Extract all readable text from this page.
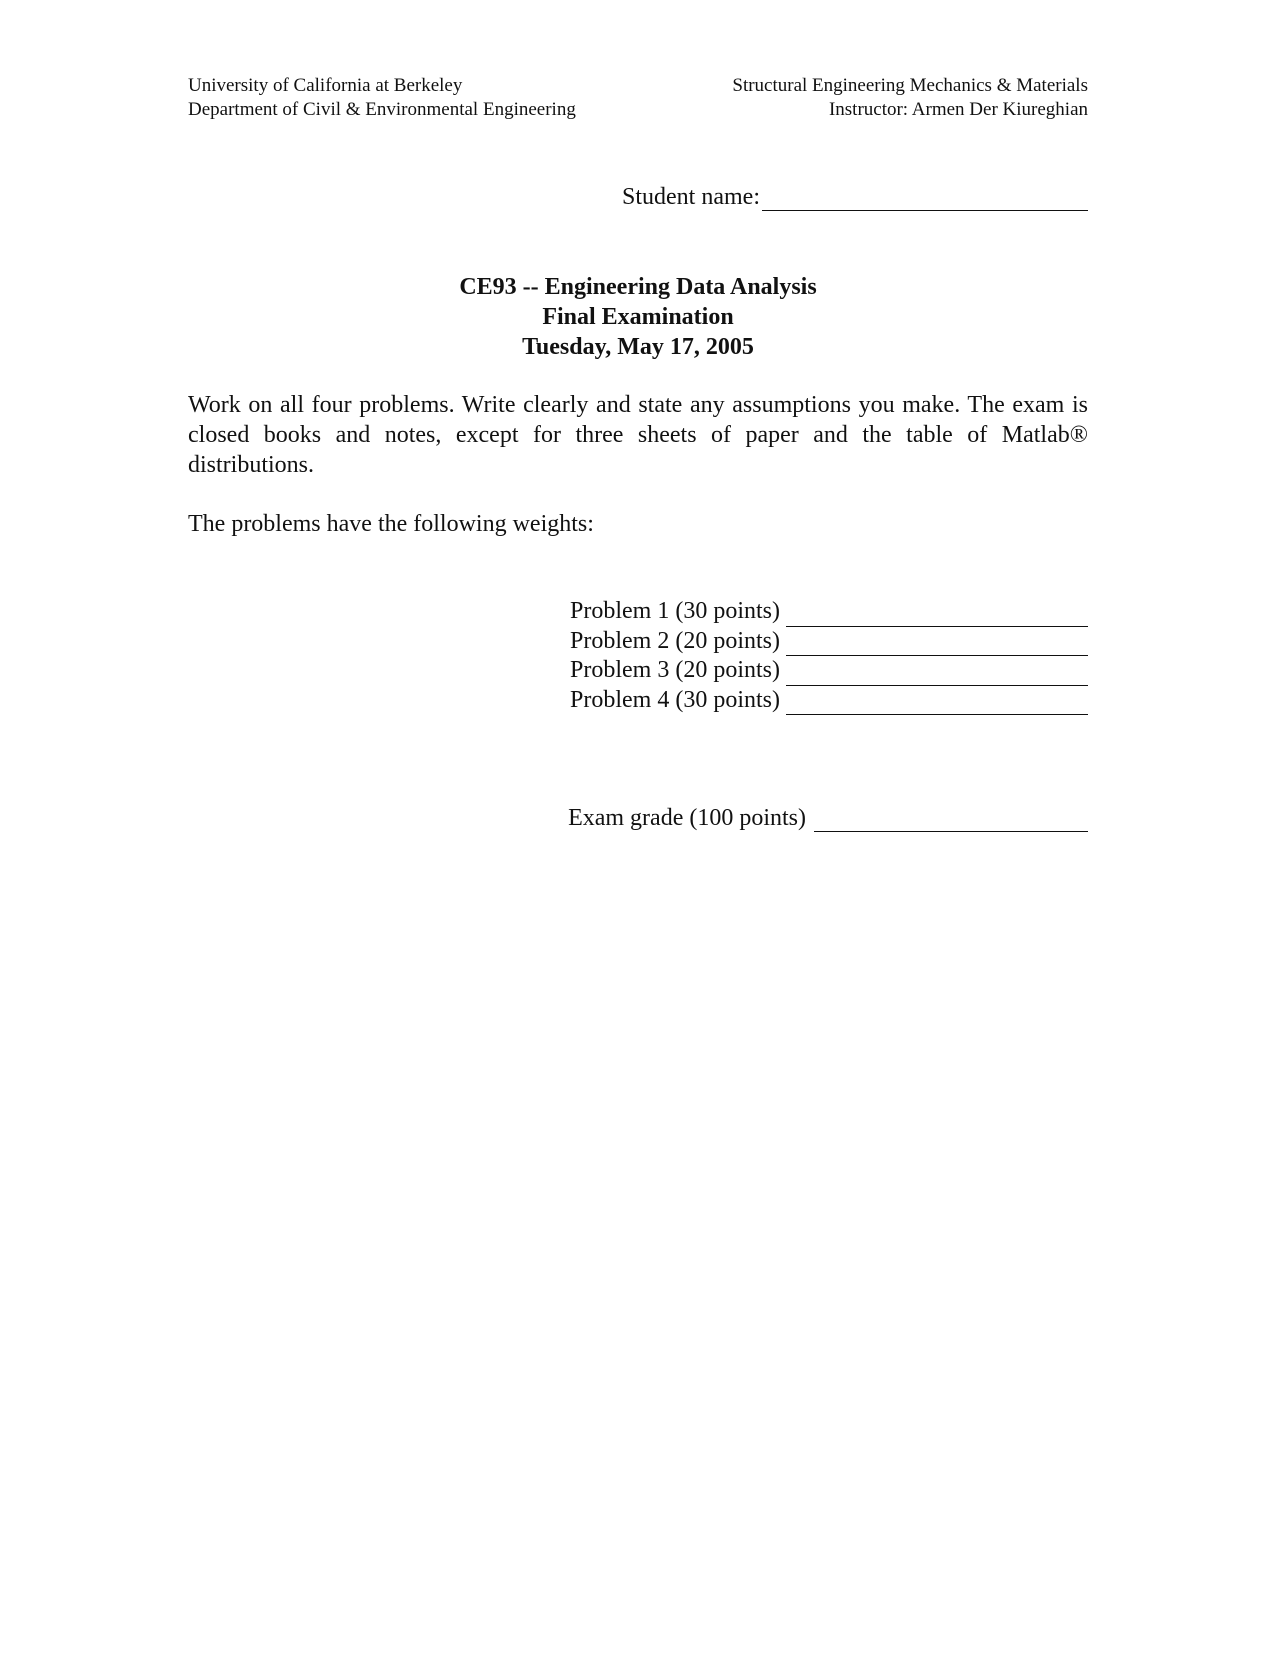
University of California at Berkeley
Department of Civil & Environmental Engineering
Structural Engineering Mechanics & Materials
Instructor: Armen Der Kiureghian
Student name:
CE93 -- Engineering Data Analysis
Final Examination
Tuesday, May 17, 2005
Work on all four problems. Write clearly and state any assumptions you make. The exam is closed books and notes, except for three sheets of paper and the table of Matlab® distributions.
The problems have the following weights:
Problem 1 (30 points)
Problem 2 (20 points)
Problem 3 (20 points)
Problem 4 (30 points)
Exam grade (100 points)
